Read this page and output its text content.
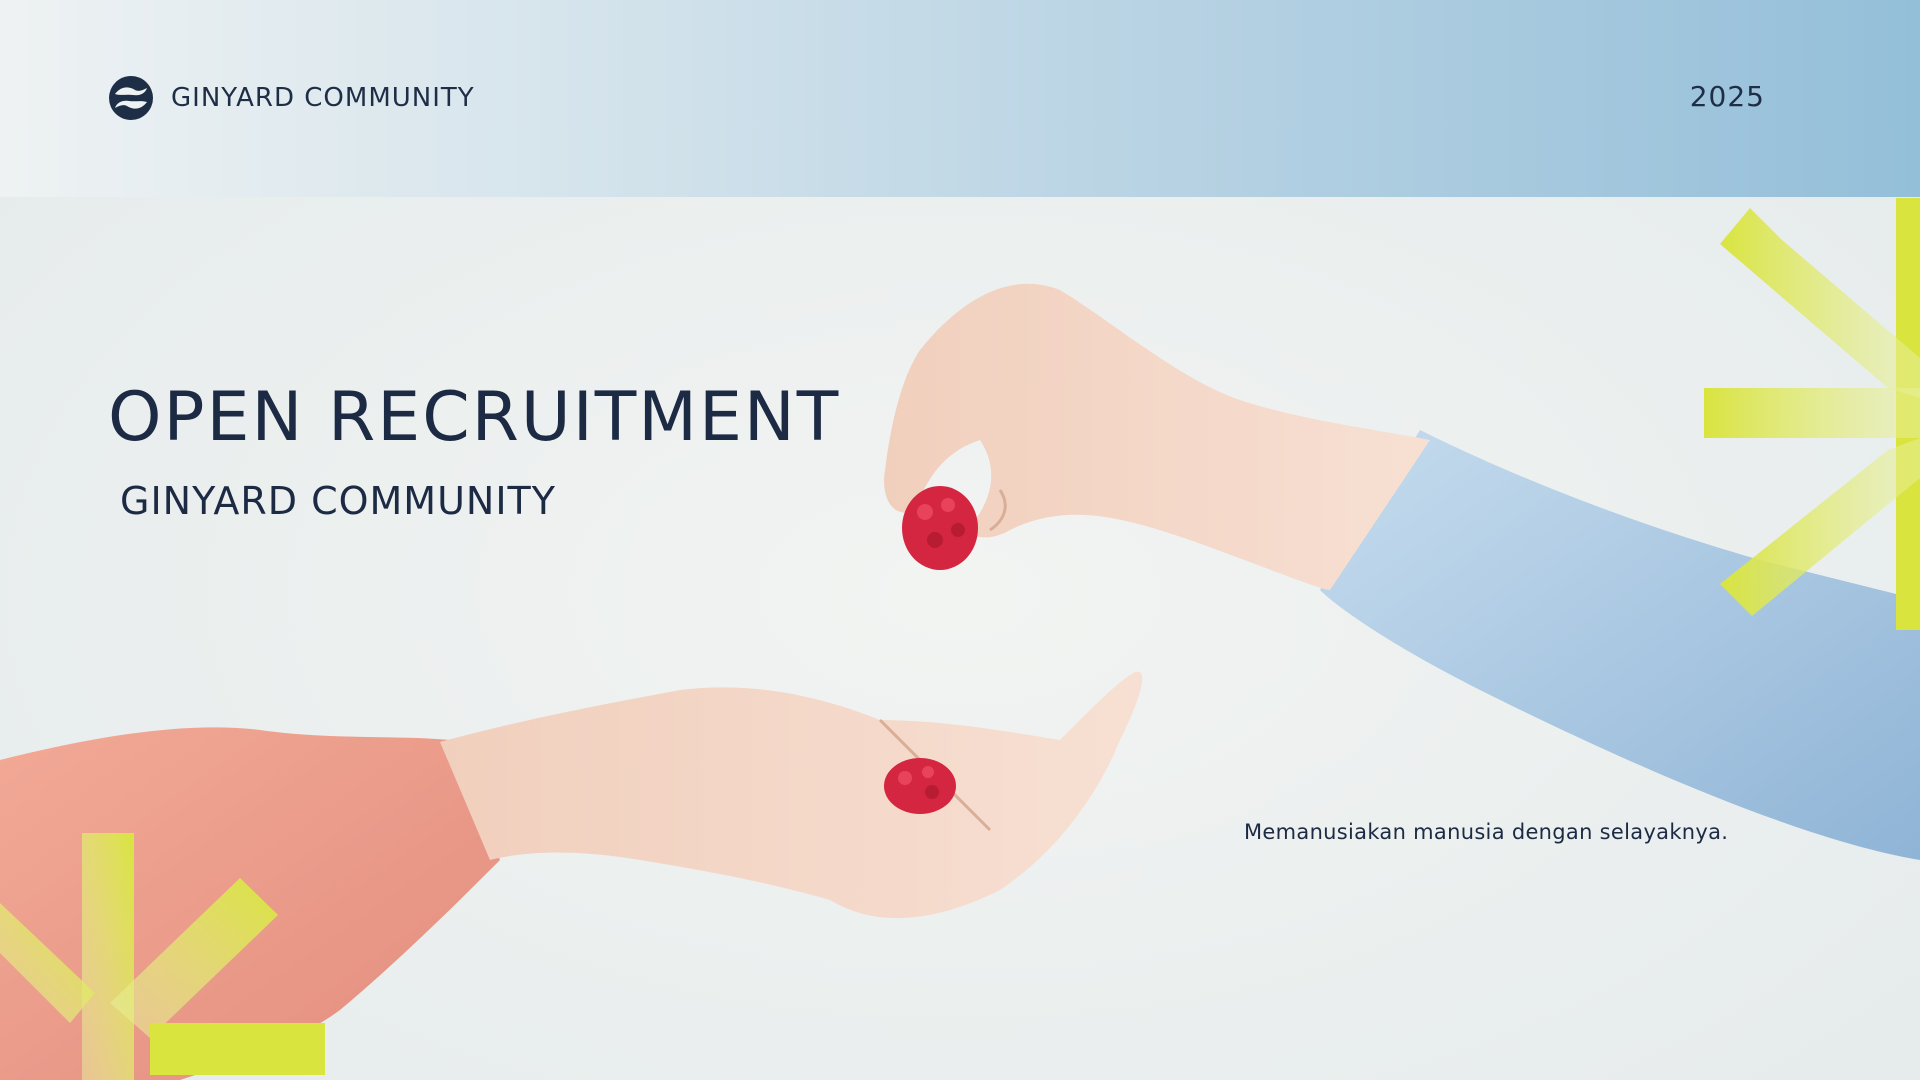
GINYARD COMMUNITY	2025
OPEN RECRUITMENT
GINYARD COMMUNITY

Memanusiakan manusia dengan selayaknya.
